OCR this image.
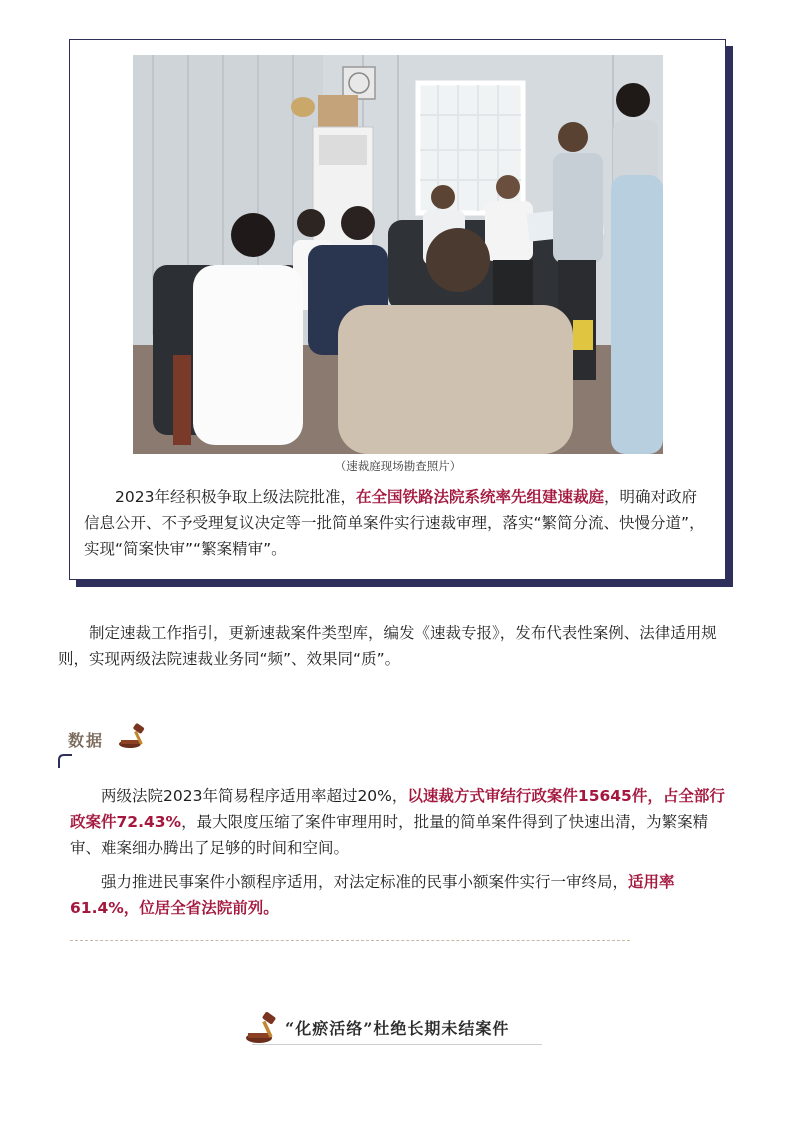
（速裁庭现场勘查照片）

2023年经积极争取上级法院批准，在全国铁路法院系统率先组建速裁庭，明确对政府信息公开、不予受理复议决定等一批简单案件实行速裁审理，落实“繁简分流、快慢分道”，实现“简案快审”“繁案精审”。

制定速裁工作指引，更新速裁案件类型库，编发《速裁专报》，发布代表性案例、法律适用规则，实现两级法院速裁业务同“频”、效果同“质”。

数据

两级法院2023年简易程序适用率超过20%，以速裁方式审结行政案件15645件，占全部行政案件72.43%，最大限度压缩了案件审理用时，批量的简单案件得到了快速出清，为繁案精审、难案细办腾出了足够的时间和空间。

强力推进民事案件小额程序适用，对法定标准的民事小额案件实行一审终局，适用率61.4%，位居全省法院前列。

“化瘀活络”杜绝长期未结案件
